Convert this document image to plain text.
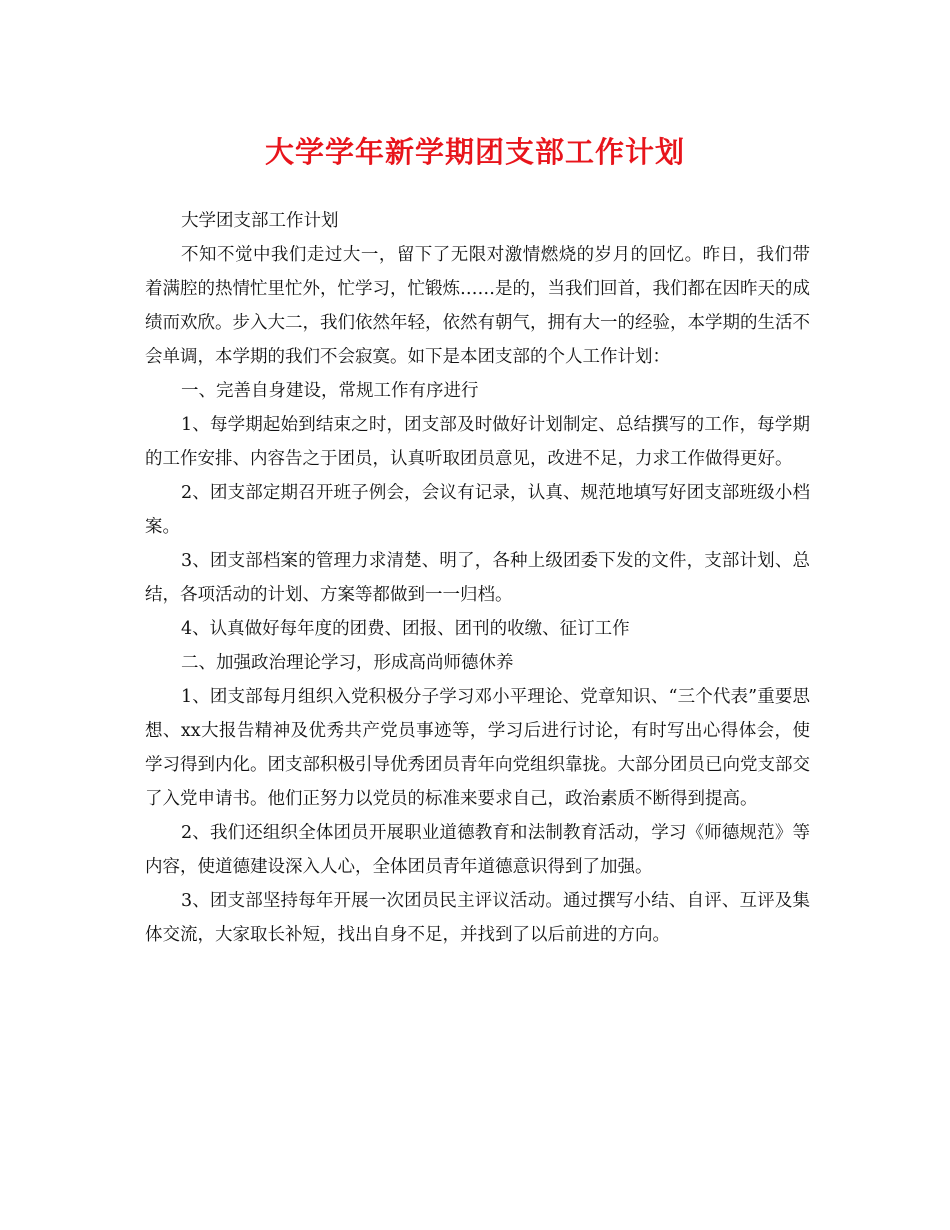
大学学年新学期团支部工作计划

大学团支部工作计划

不知不觉中我们走过大一，留下了无限对激情燃烧的岁月的回忆。昨日，我们带着满腔的热情忙里忙外，忙学习，忙锻炼……是的，当我们回首，我们都在因昨天的成绩而欢欣。步入大二，我们依然年轻，依然有朝气，拥有大一的经验，本学期的生活不会单调，本学期的我们不会寂寞。如下是本团支部的个人工作计划：

一、完善自身建设，常规工作有序进行

1、每学期起始到结束之时，团支部及时做好计划制定、总结撰写的工作，每学期的工作安排、内容告之于团员，认真听取团员意见，改进不足，力求工作做得更好。

2、团支部定期召开班子例会，会议有记录，认真、规范地填写好团支部班级小档案。

3、团支部档案的管理力求清楚、明了，各种上级团委下发的文件，支部计划、总结，各项活动的计划、方案等都做到一一归档。

4、认真做好每年度的团费、团报、团刊的收缴、征订工作

二、加强政治理论学习，形成高尚师德休养

1、团支部每月组织入党积极分子学习邓小平理论、党章知识、“三个代表”重要思想、xx大报告精神及优秀共产党员事迹等，学习后进行讨论，有时写出心得体会，使学习得到内化。团支部积极引导优秀团员青年向党组织靠拢。大部分团员已向党支部交了入党申请书。他们正努力以党员的标准来要求自己，政治素质不断得到提高。

2、我们还组织全体团员开展职业道德教育和法制教育活动，学习《师德规范》等内容，使道德建设深入人心，全体团员青年道德意识得到了加强。

3、团支部坚持每年开展一次团员民主评议活动。通过撰写小结、自评、互评及集体交流，大家取长补短，找出自身不足，并找到了以后前进的方向。
